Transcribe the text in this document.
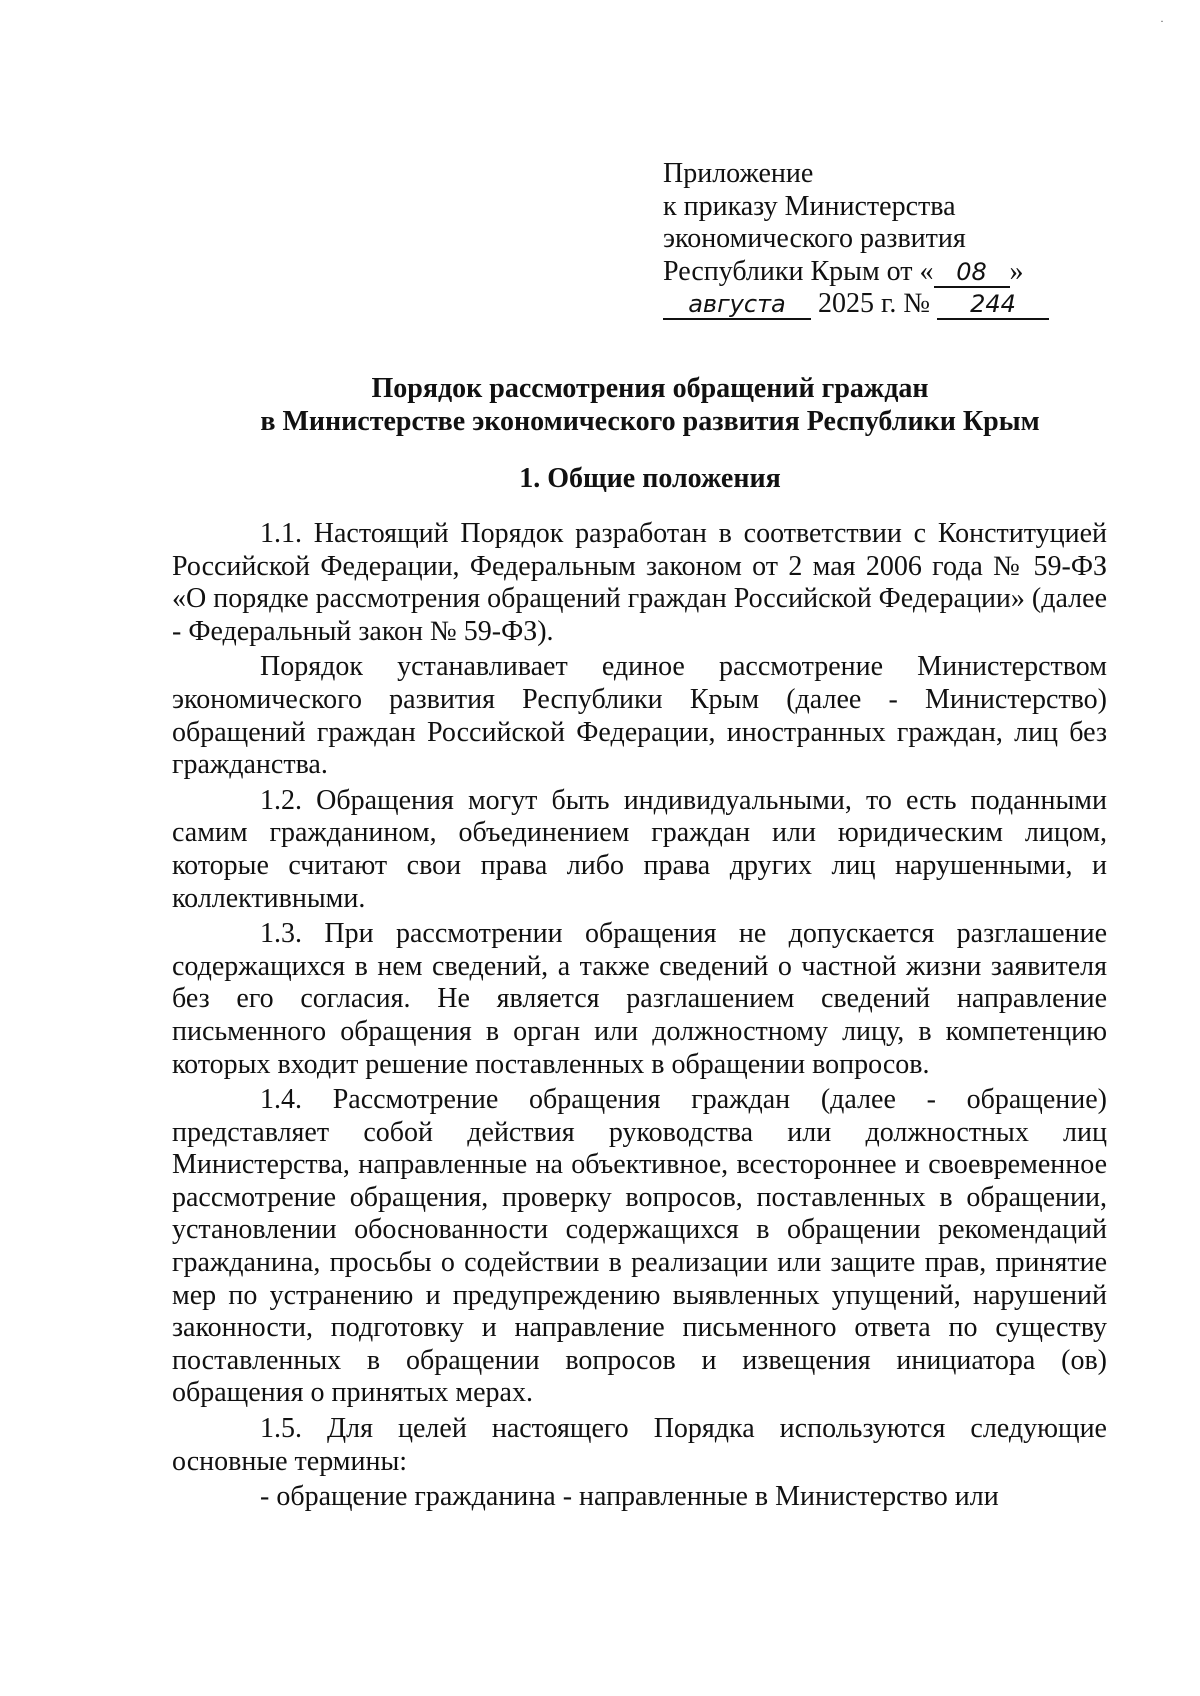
·
Приложение
к приказу Министерства
экономического развития
Республики Крым от « 08 »
августа 2025 г. № 244
Порядок рассмотрения обращений граждан
в Министерстве экономического развития Республики Крым
1. Общие положения

1.1. Настоящий Порядок разработан в соответствии с Конституцией Российской Федерации, Федеральным законом от 2 мая 2006 года № 59-ФЗ «О порядке рассмотрения обращений граждан Российской Федерации» (далее - Федеральный закон № 59-ФЗ).

Порядок устанавливает единое рассмотрение Министерством экономического развития Республики Крым (далее - Министерство) обращений граждан Российской Федерации, иностранных граждан, лиц без гражданства.

1.2. Обращения могут быть индивидуальными, то есть поданными самим гражданином, объединением граждан или юридическим лицом, которые считают свои права либо права других лиц нарушенными, и коллективными.

1.3. При рассмотрении обращения не допускается разглашение содержащихся в нем сведений, а также сведений о частной жизни заявителя без его согласия. Не является разглашением сведений направление письменного обращения в орган или должностному лицу, в компетенцию которых входит решение поставленных в обращении вопросов.

1.4. Рассмотрение обращения граждан (далее - обращение) представляет собой действия руководства или должностных лиц Министерства, направленные на объективное, всестороннее и своевременное рассмотрение обращения, проверку вопросов, поставленных в обращении, установлении обоснованности содержащихся в обращении рекомендаций гражданина, просьбы о содействии в реализации или защите прав, принятие мер по устранению и предупреждению выявленных упущений, нарушений законности, подготовку и направление письменного ответа по существу поставленных в обращении вопросов и извещения инициатора (ов) обращения о принятых мерах.

1.5. Для целей настоящего Порядка используются следующие основные термины:

- обращение гражданина - направленные в Министерство или
